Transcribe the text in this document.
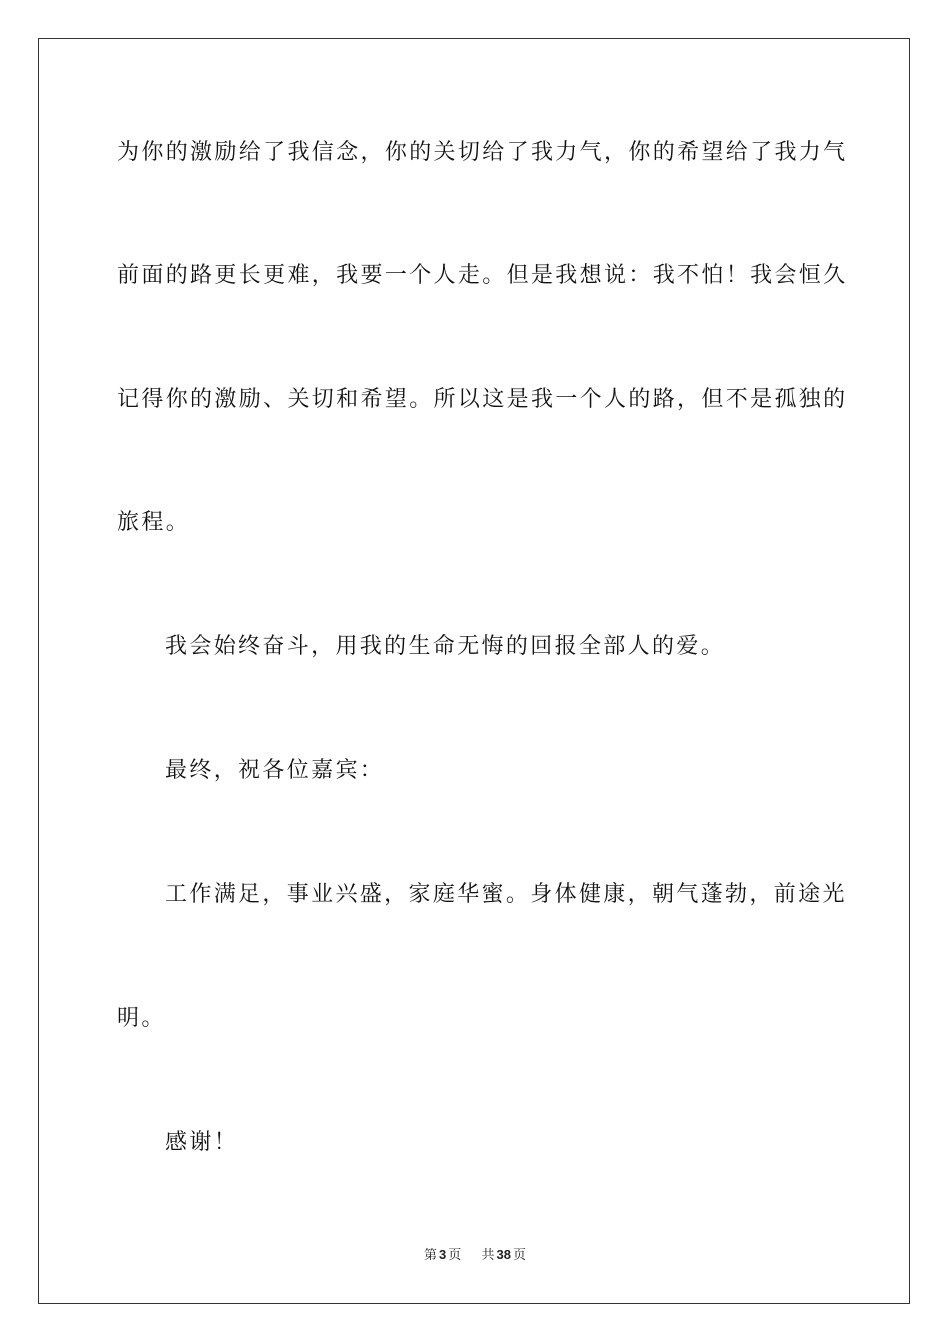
为你的激励给了我信念，你的关切给了我力气，你的希望给了我力气
前面的路更长更难，我要一个人走。但是我想说：我不怕！我会恒久
记得你的激励、关切和希望。所以这是我一个人的路，但不是孤独的
旅程。
我会始终奋斗，用我的生命无悔的回报全部人的爱。
最终，祝各位嘉宾：
工作满足，事业兴盛，家庭华蜜。身体健康，朝气蓬勃，前途光
明。
感谢！
第 3 页 共 38 页
